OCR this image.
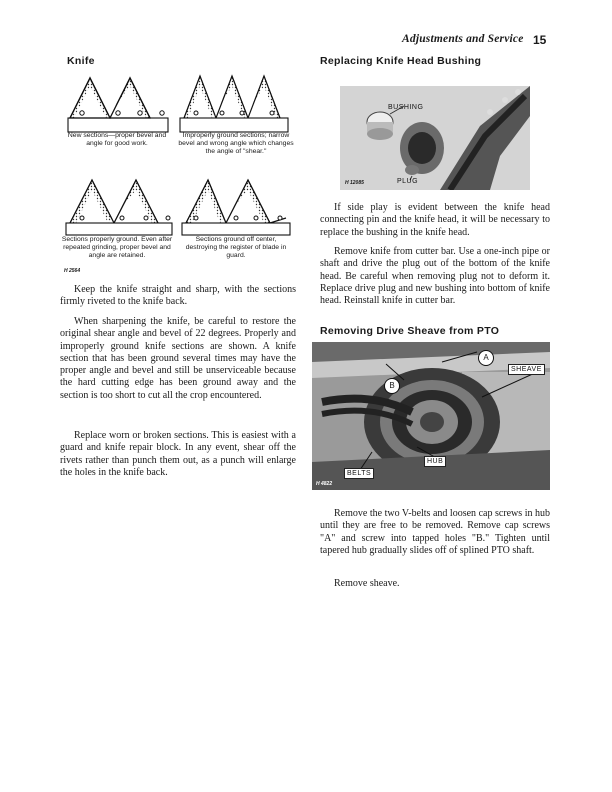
Adjustments and Service 15
Knife
New sections—proper bevel and angle for good work.
Improperly ground sections; narrow bevel and wrong angle which changes the angle of "shear."
Sections properly ground. Even after repeated grinding, proper bevel and angle are retained.
Sections ground off center, destroying the register of blade in guard.
H 2564

Keep the knife straight and sharp, with the sections firmly riveted to the knife back.

When sharpening the knife, be careful to restore the original shear angle and bevel of 22 degrees. Properly and improperly ground knife sections are shown. A knife section that has been ground several times may have the proper angle and bevel and still be unserviceable because the hard cutting edge has been ground away and the section is too short to cut all the crop encountered.

Replace worn or broken sections. This is easiest with a guard and knife repair block. In any event, shear off the rivets rather than punch them out, as a punch will enlarge the holes in the knife back.

Replacing Knife Head Bushing
BUSHING
PLUG
H 12085

If side play is evident between the knife head connecting pin and the knife head, it will be necessary to replace the bushing in the knife head.

Remove knife from cutter bar. Use a one-inch pipe or shaft and drive the plug out of the bottom of the knife head. Be careful when removing plug not to deform it. Replace drive plug and new bushing into bottom of knife head. Reinstall knife in cutter bar.

Removing Drive Sheave from PTO
A
B
SHEAVE
HUB
BELTS
H 4822

Remove the two V-belts and loosen cap screws in hub until they are free to be removed. Remove cap screws "A" and screw into tapped holes "B." Tighten until tapered hub gradually slides off of splined PTO shaft.

Remove sheave.
